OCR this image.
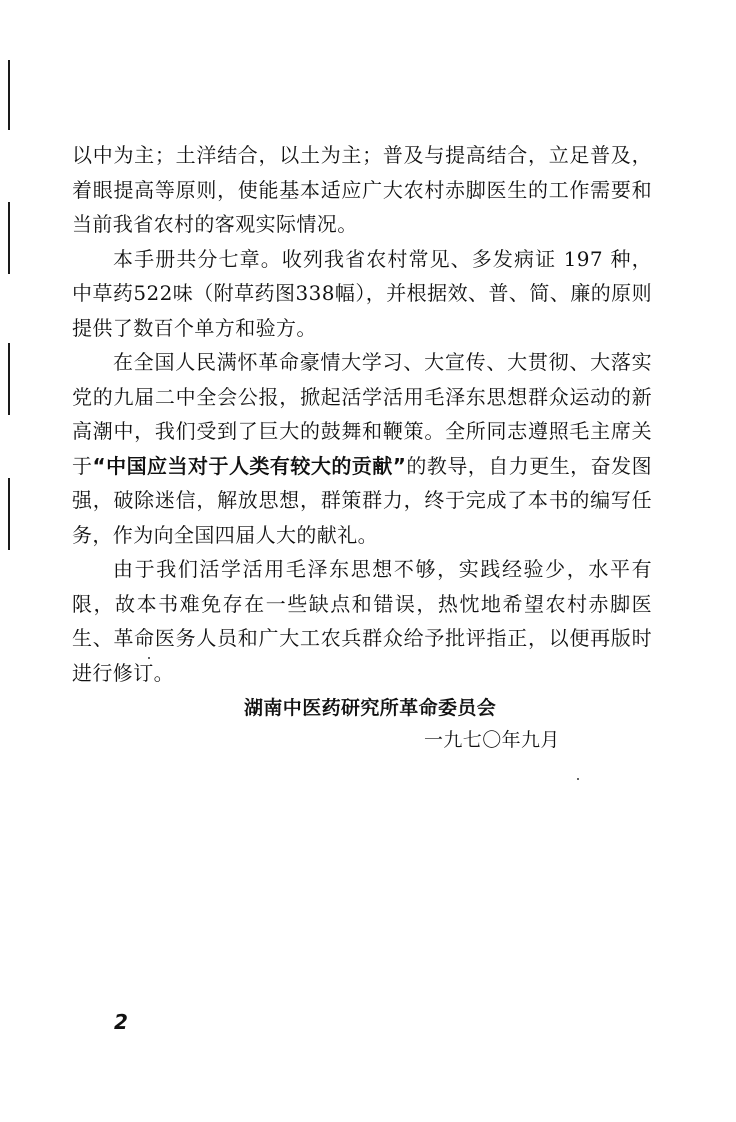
以中为主；土洋结合，以土为主；普及与提高结合，立足普及，着眼提高等原则，使能基本适应广大农村赤脚医生的工作需要和当前我省农村的客观实际情况。

本手册共分七章。收列我省农村常见、多发病证 197 种，中草药522味（附草药图338幅），并根据效、普、简、廉的原则提供了数百个单方和验方。

在全国人民满怀革命豪情大学习、大宣传、大贯彻、大落实党的九届二中全会公报，掀起活学活用毛泽东思想群众运动的新高潮中，我们受到了巨大的鼓舞和鞭策。全所同志遵照毛主席关于“中国应当对于人类有较大的贡献”的教导，自力更生，奋发图强，破除迷信，解放思想，群策群力，终于完成了本书的编写任务，作为向全国四届人大的献礼。

由于我们活学活用毛泽东思想不够，实践经验少，水平有限，故本书难免存在一些缺点和错误，热忱地希望农村赤脚医生、革命医务人员和广大工农兵群众给予批评指正，以便再版时进行修订。

湖南中医药研究所革命委员会

一九七〇年九月

2
